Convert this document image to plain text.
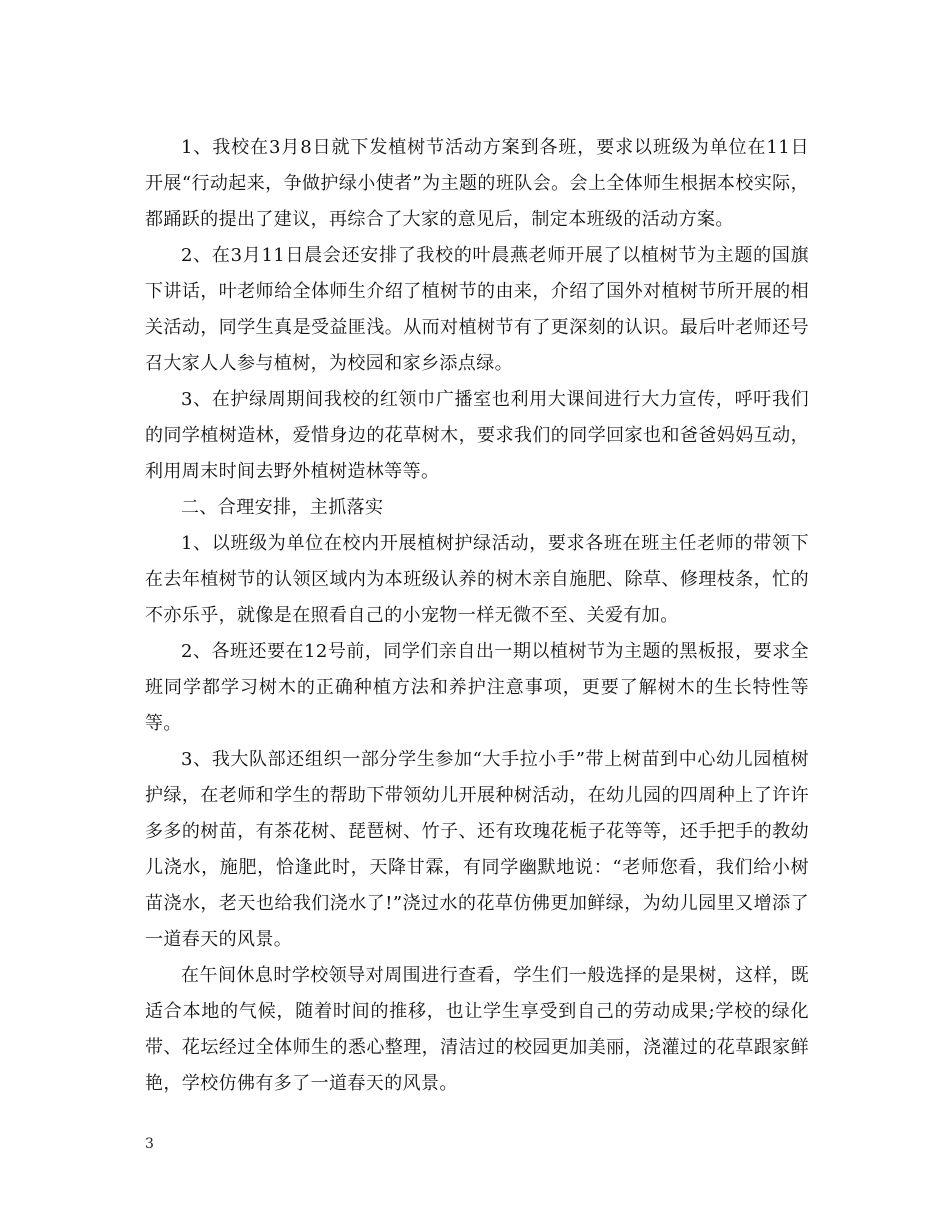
1、我校在3月8日就下发植树节活动方案到各班，要求以班级为单位在11日开展“行动起来，争做护绿小使者”为主题的班队会。会上全体师生根据本校实际，都踊跃的提出了建议，再综合了大家的意见后，制定本班级的活动方案。

2、在3月11日晨会还安排了我校的叶晨燕老师开展了以植树节为主题的国旗下讲话，叶老师给全体师生介绍了植树节的由来，介绍了国外对植树节所开展的相关活动，同学生真是受益匪浅。从而对植树节有了更深刻的认识。最后叶老师还号召大家人人参与植树，为校园和家乡添点绿。

3、在护绿周期间我校的红领巾广播室也利用大课间进行大力宣传，呼吁我们的同学植树造林，爱惜身边的花草树木，要求我们的同学回家也和爸爸妈妈互动，利用周末时间去野外植树造林等等。

二、合理安排，主抓落实

1、以班级为单位在校内开展植树护绿活动，要求各班在班主任老师的带领下在去年植树节的认领区域内为本班级认养的树木亲自施肥、除草、修理枝条，忙的不亦乐乎，就像是在照看自己的小宠物一样无微不至、关爱有加。

2、各班还要在12号前，同学们亲自出一期以植树节为主题的黑板报，要求全班同学都学习树木的正确种植方法和养护注意事项，更要了解树木的生长特性等等。

3、我大队部还组织一部分学生参加“大手拉小手”带上树苗到中心幼儿园植树护绿，在老师和学生的帮助下带领幼儿开展种树活动，在幼儿园的四周种上了许许多多的树苗，有茶花树、琵琶树、竹子、还有玫瑰花栀子花等等，还手把手的教幼儿浇水，施肥，恰逢此时，天降甘霖，有同学幽默地说：“老师您看，我们给小树苗浇水，老天也给我们浇水了!”浇过水的花草仿佛更加鲜绿，为幼儿园里又增添了一道春天的风景。

在午间休息时学校领导对周围进行查看，学生们一般选择的是果树，这样，既适合本地的气候，随着时间的推移，也让学生享受到自己的劳动成果;学校的绿化带、花坛经过全体师生的悉心整理，清洁过的校园更加美丽，浇灌过的花草跟家鲜艳，学校仿佛有多了一道春天的风景。

3
